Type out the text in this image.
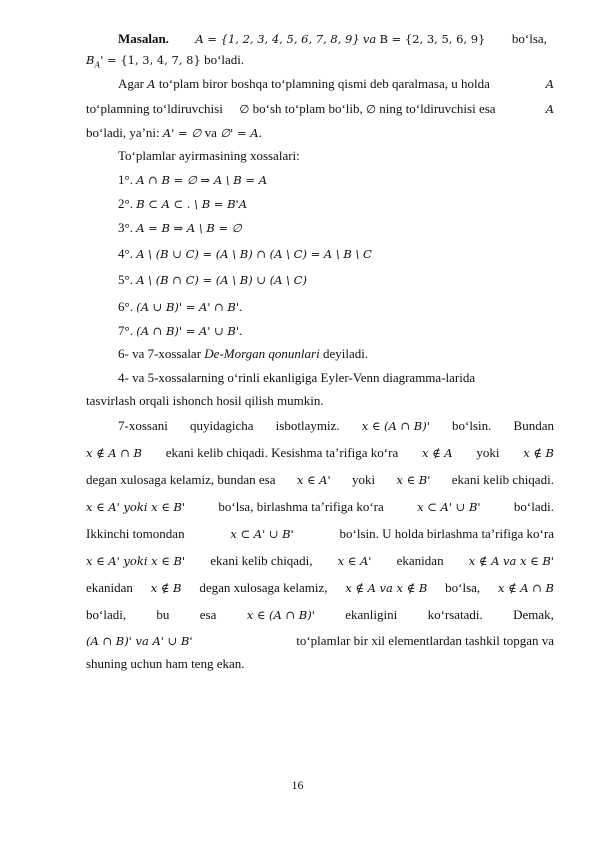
Masalan. A = {1, 2, 3, 4, 5, 6, 7, 8, 9} va B = {2, 3, 5, 6, 9} bo‘lsa,
$B_A' = \{1$, 3, 4, 7, 8} bo‘ladi.
Agar A to‘plam biror boshqa to‘plamning qismi deb qaralmasa, u holda	A
to‘plamning to‘ldiruvchisi ∅ bo‘sh to‘plam bo‘lib, ∅ ning to‘ldiruvchisi esa	A
bo‘ladi, ya’ni: A' = ∅ va ∅' = A.
To‘plamlar ayirmasining xossalari:
1°. A ∩ B = ∅ ⇒ A \ B = A
2°. B ⊂ A ⊂ . \ B = B'A
3°. A = B ⇒ A \ B = ∅
4°. A \ (B ∪ C) = (A \ B) ∩ (A \ C) = A \ B \ C
5°. A \ (B ∩ C) = (A \ B) ∪ (A \ C)
6°. (A ∪ B)' = A' ∩ B'.
7°. (A ∩ B)' = A' ∪ B'.
6- va 7-xossalar De-Morgan qonunlari deyiladi.
4- va 5-xossalarning o‘rinli ekanligiga Eyler-Venn diagramma-larida
tasvirlash orqali ishonch hosil qilish mumkin.
7-xossani quyidagicha isbotlaymiz. x ∈ (A ∩ B)' bo‘lsin. Bundan
x ∉ A ∩ B ekani kelib chiqadi. Kesishma ta’rifiga ko‘ra x ∉ A yoki x ∉ B
degan xulosaga kelamiz, bundan esa x ∈ A' yoki x ∈ B' ekani kelib chiqadi.
x ∈ A' yoki x ∈ B'	bo‘lsa, birlashma ta’rifiga ko‘ra	x ⊂ A' ∪ B'	bo‘ladi.
Ikkinchi tomondan	x ⊂ A' ∪ B'	bo‘lsin. U holda birlashma ta’rifiga ko‘ra
x ∈ A' yoki x ∈ B' ekani kelib chiqadi, x ∈ A' ekanidan x ∉ A va x ∈ B'
ekanidan x ∉ B degan xulosaga kelamiz, x ∉ A va x ∉ B bo‘lsa, x ∉ A ∩ B
bo‘ladi, bu esa	x ∈ (A ∩ B)' ekanligini ko‘rsatadi. Demak,
(A ∩ B)' va A' ∪ B'	to‘plamlar bir xil elementlardan tashkil topgan va
shuning uchun ham teng ekan.
16
